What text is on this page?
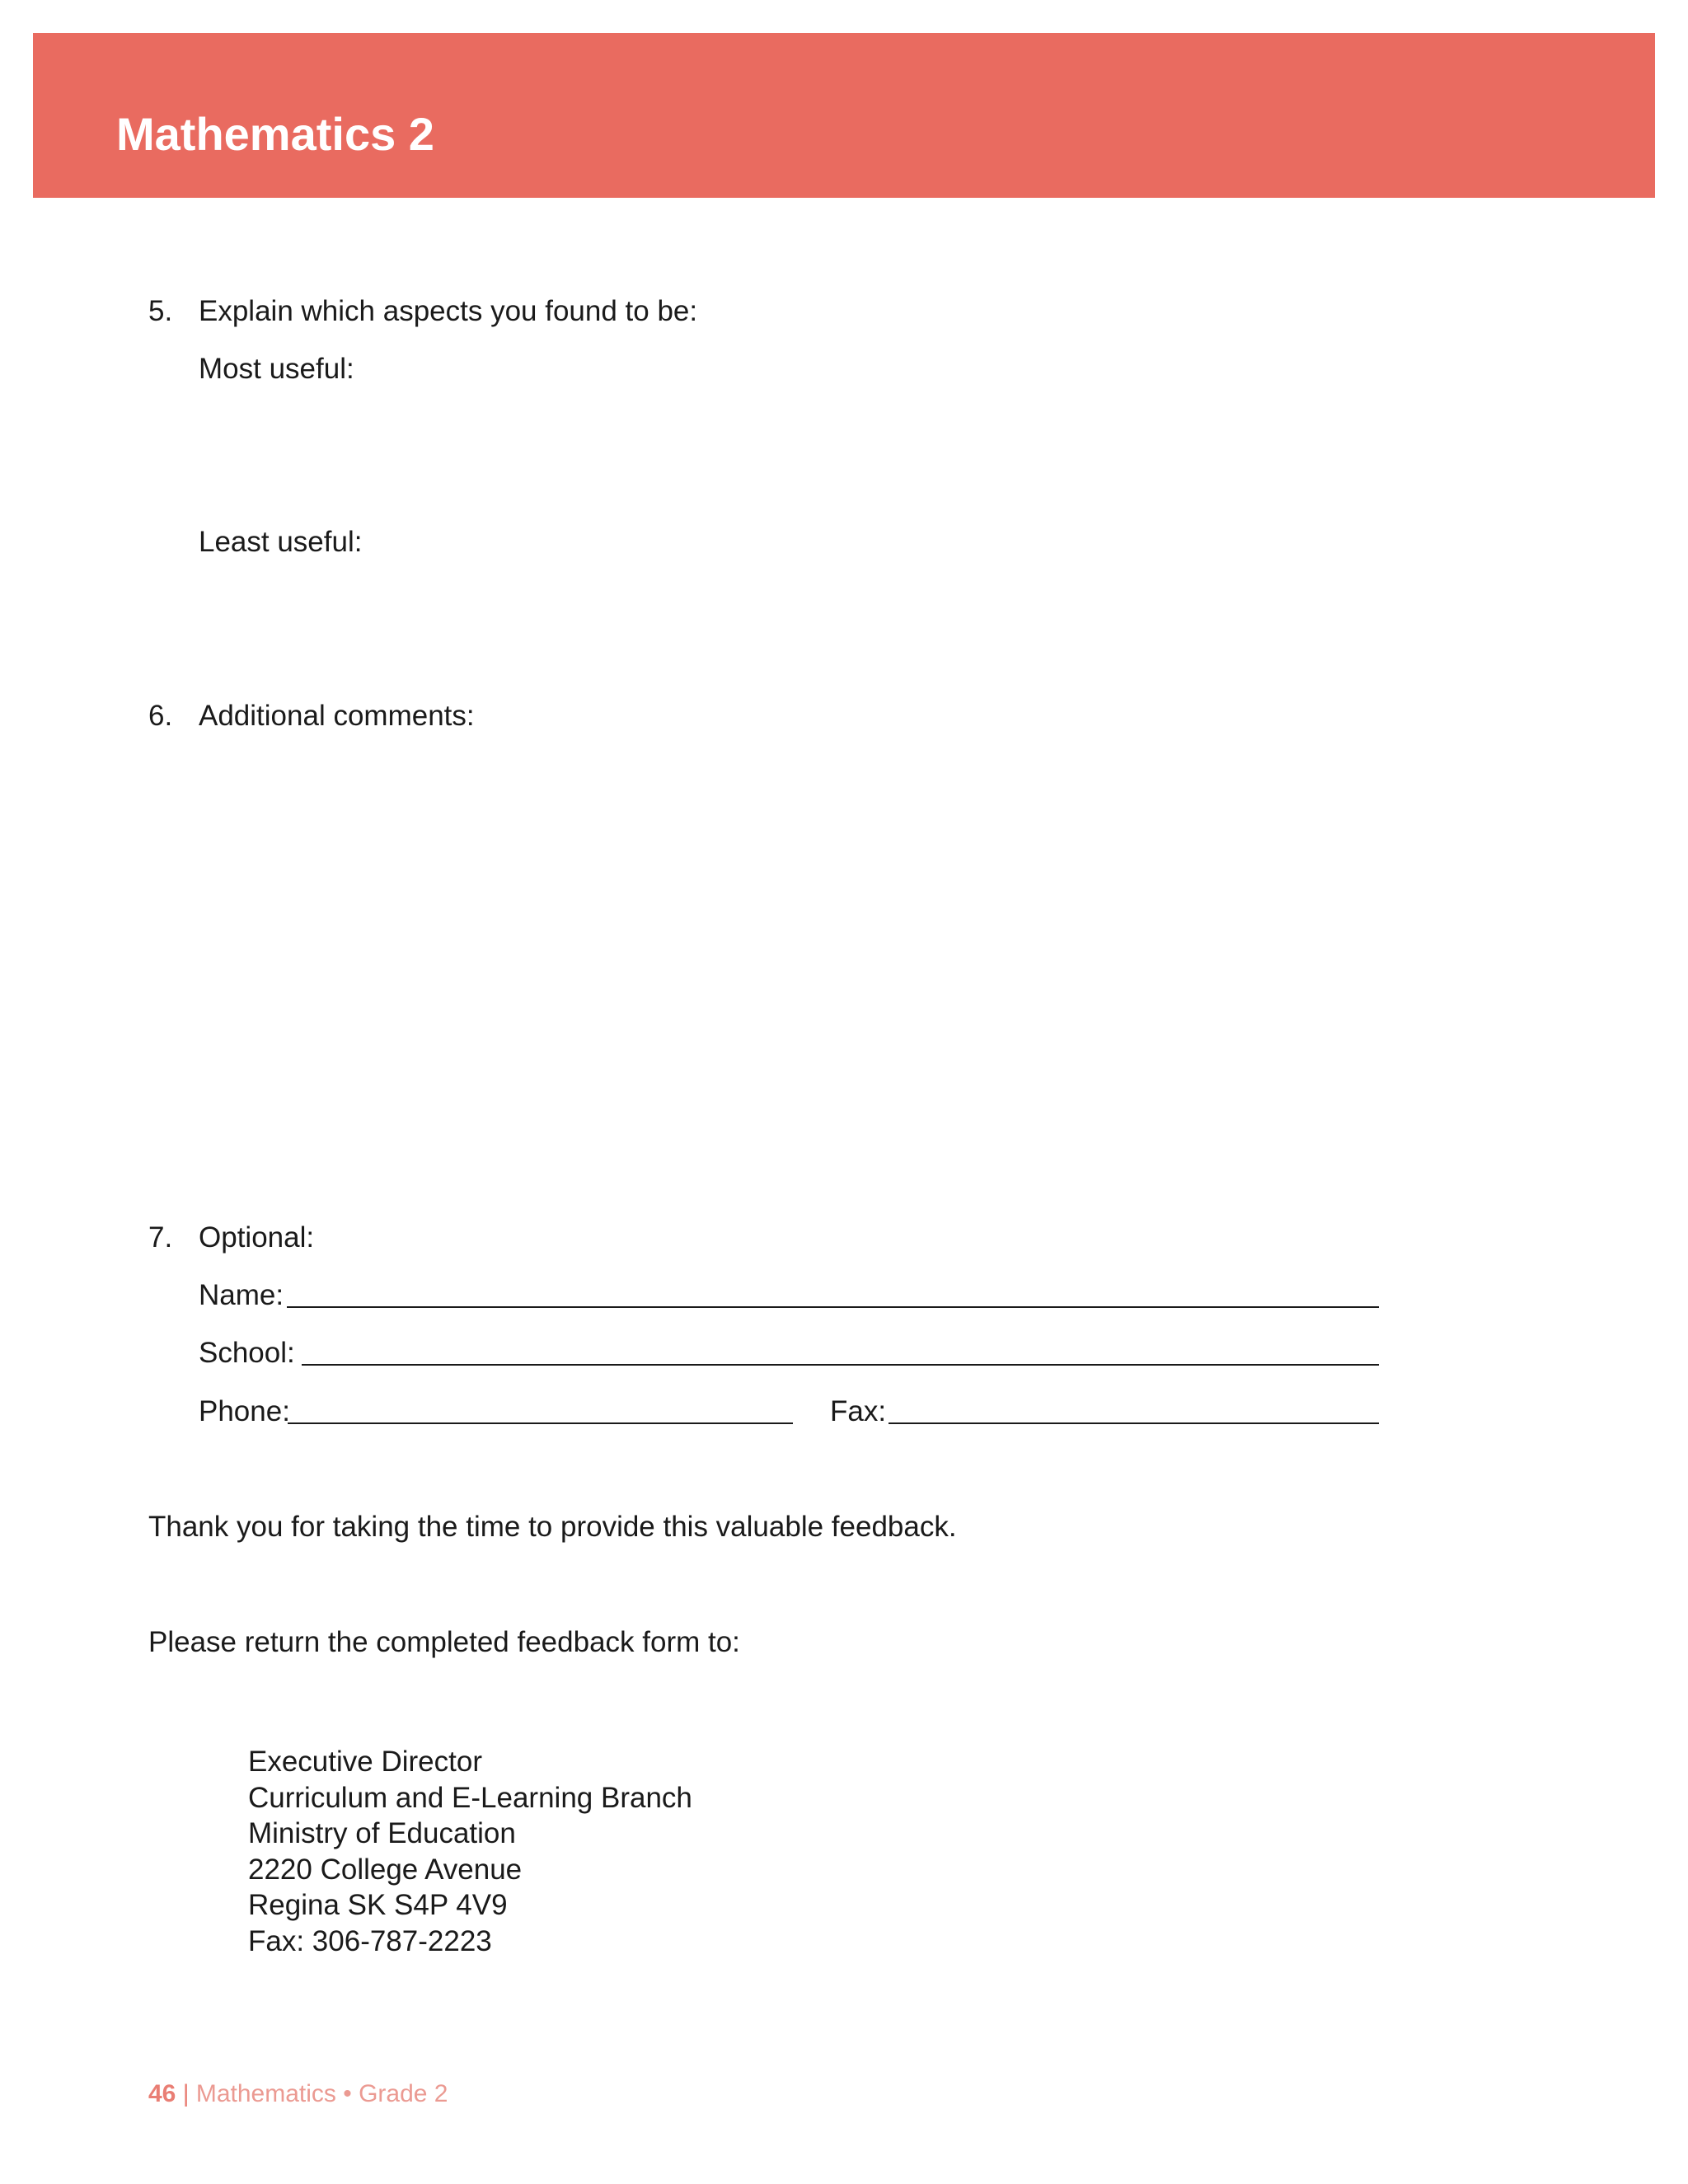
Mathematics 2
5. Explain which aspects you found to be:
Most useful:
Least useful:
6. Additional comments:
7. Optional:
Name:
School:
Phone:	Fax:
Thank you for taking the time to provide this valuable feedback.
Please return the completed feedback form to:
Executive Director
Curriculum and E-Learning Branch
Ministry of Education
2220 College Avenue
Regina SK S4P 4V9
Fax: 306-787-2223
46 | Mathematics • Grade 2
